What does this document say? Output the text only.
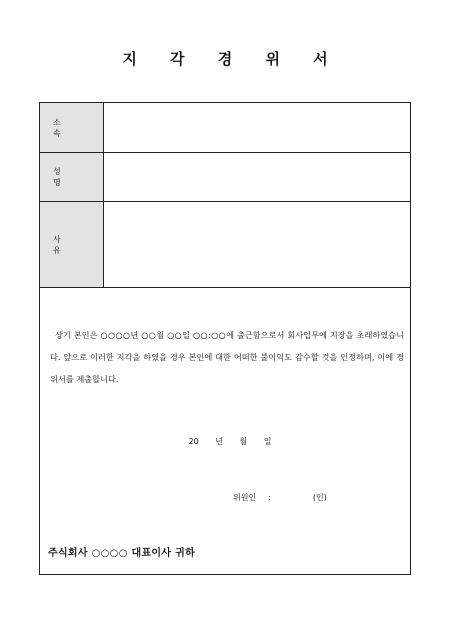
지 각 경 위 서
소 속
성 명
사 유
상기 본인은 ○○○○년 ○○월 ○○일 ○○:○○에 출근함으로서 회사업무에 지장을 초래하였습니다. 앞으로 이러한 지각을 하였을 경우 본인에 대한 어떠한 불이익도 감수할 것을 인정하며, 이에 경위서를 제출합니다.
20 년 월 일
위원인 :	(인)
주식회사 ○○○○ 대표이사 귀하
